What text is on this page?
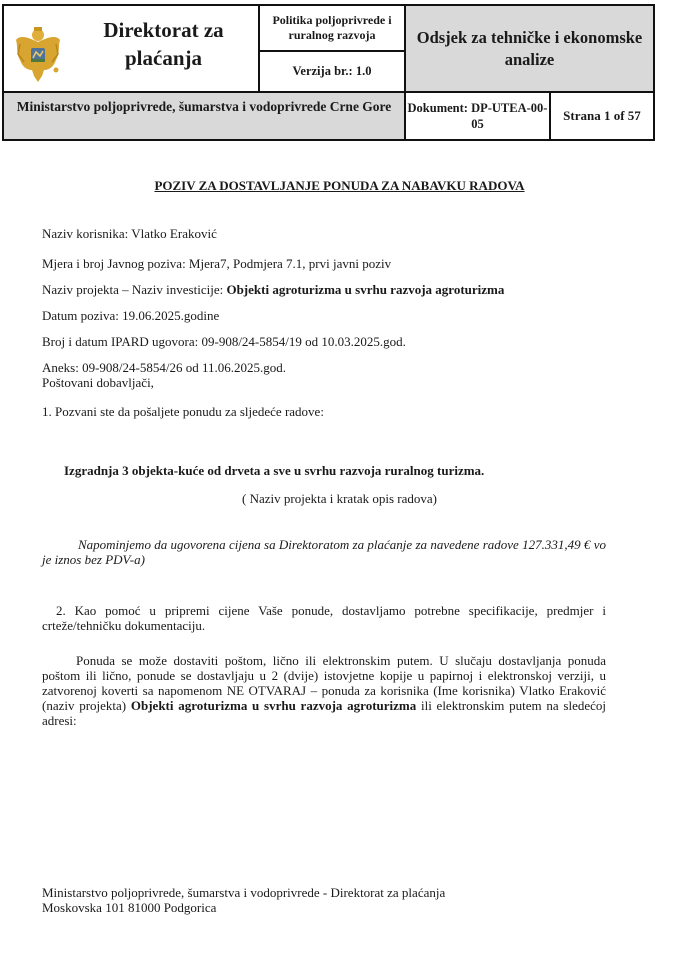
Direktorat za plaćanja
Politika poljoprivrede i ruralnog razvoja
Verzija br.: 1.0
Odsjek za tehničke i ekonomske analize
Ministarstvo poljoprivrede, šumarstva i vodoprivrede Crne Gore	Dokument: DP-UTEA-00-05
Strana 1 of 57
POZIV ZA DOSTAVLJANJE PONUDA ZA NABAVKU RADOVA
Naziv korisnika: Vlatko Eraković
Mjera i broj Javnog poziva: Mjera7, Podmjera 7.1, prvi javni poziv
Naziv projekta – Naziv investicije: Objekti agroturizma u svrhu razvoja agroturizma
Datum poziva: 19.06.2025.godine
Broj i datum IPARD ugovora: 09-908/24-5854/19 od 10.03.2025.god.
Aneks: 09-908/24-5854/26 od 11.06.2025.god.
Poštovani dobavljači,
1. Pozvani ste da pošaljete ponudu za sljedeće radove:
Izgradnja 3 objekta-kuće od drveta a sve u svrhu razvoja ruralnog turizma.
( Naziv projekta i kratak opis radova)
Napominjemo da ugovorena cijena sa Direktoratom za plaćanje za navedene radove 127.331,49 € vo je iznos bez PDV-a)
2. Kao pomoć u pripremi cijene Vaše ponude, dostavljamo potrebne specifikacije, predmjer i crteže/tehničku dokumentaciju.
Ponuda se može dostaviti poštom, lično ili elektronskim putem. U slučaju dostavljanja ponuda poštom ili lično, ponude se dostavljaju u 2 (dvije) istovjetne kopije u papirnoj i elektronskoj verziji, u zatvorenoj koverti sa napomenom NE OTVARAJ – ponuda za korisnika (Ime korisnika) Vlatko Eraković (naziv projekta) Objekti agroturizma u svrhu razvoja agroturizma ili elektronskim putem na sledećoj adresi:
Ministarstvo poljoprivrede, šumarstva i vodoprivrede - Direktorat za plaćanja
Moskovska 101 81000 Podgorica
